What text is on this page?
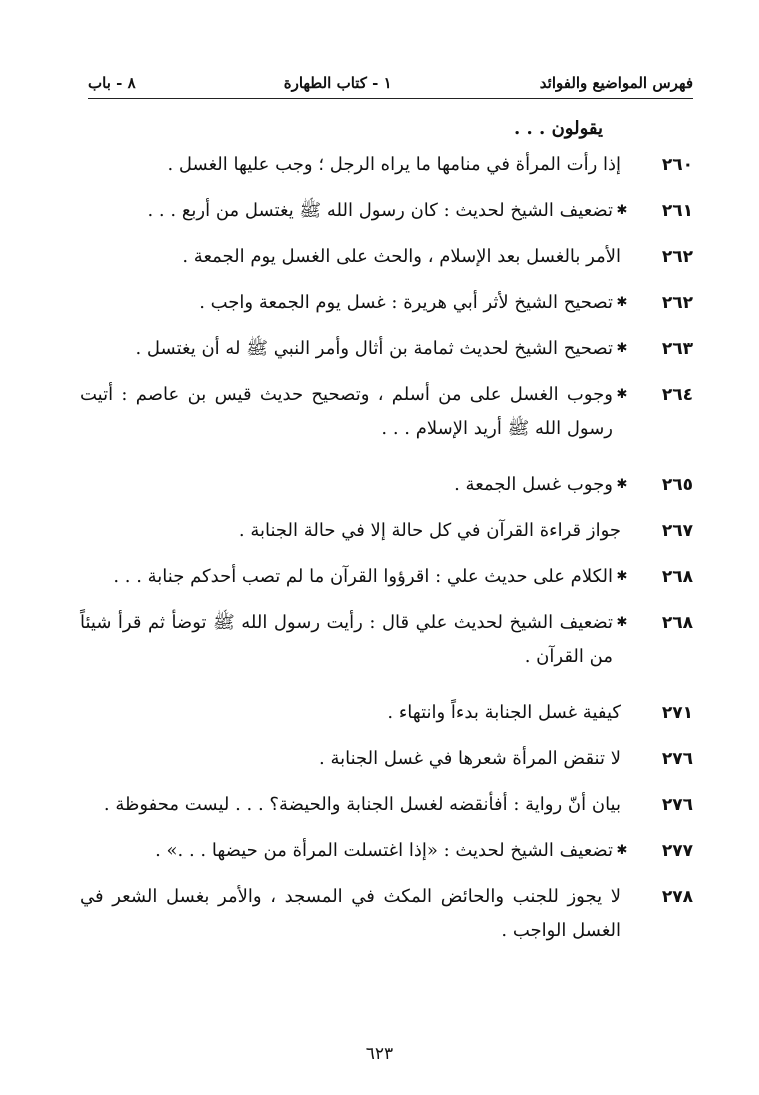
فهرس المواضيع والفوائد
١ - كتاب الطهارة
٨ - باب
يقولون . . .
٢٦٠
إذا رأت المرأة في منامها ما يراه الرجل ؛ وجب عليها الغسل .
٢٦١
✱
تضعيف الشيخ لحديث : كان رسول الله ﷺ يغتسل من أربع . . .
٢٦٢
الأمر بالغسل بعد الإسلام ، والحث على الغسل يوم الجمعة .
٢٦٢
✱
تصحيح الشيخ لأثر أبي هريرة : غسل يوم الجمعة واجب .
٢٦٣
✱
تصحيح الشيخ لحديث ثمامة بن أثال وأمر النبي ﷺ له أن يغتسل .
٢٦٤
✱
وجوب الغسل على من أسلم ، وتصحيح حديث قيس بن عاصم : أتيت رسول الله ﷺ أريد الإسلام . . .
٢٦٥
✱
وجوب غسل الجمعة .
٢٦٧
جواز قراءة القرآن في كل حالة إلا في حالة الجنابة .
٢٦٨
✱
الكلام على حديث علي : اقرؤوا القرآن ما لم تصب أحدكم جنابة . . .
٢٦٨
✱
تضعيف الشيخ لحديث علي قال : رأيت رسول الله ﷺ توضأ ثم قرأ شيئاً من القرآن .
٢٧١
كيفية غسل الجنابة بدءاً وانتهاء .
٢٧٦
لا تنقض المرأة شعرها في غسل الجنابة .
٢٧٦
بيان أنّ رواية : أفأنقضه لغسل الجنابة والحيضة؟ . . . ليست محفوظة .
٢٧٧
✱
تضعيف الشيخ لحديث : «إذا اغتسلت المرأة من حيضها . . .» .
٢٧٨
لا يجوز للجنب والحائض المكث في المسجد ، والأمر بغسل الشعر في الغسل الواجب .
٦٢٣
